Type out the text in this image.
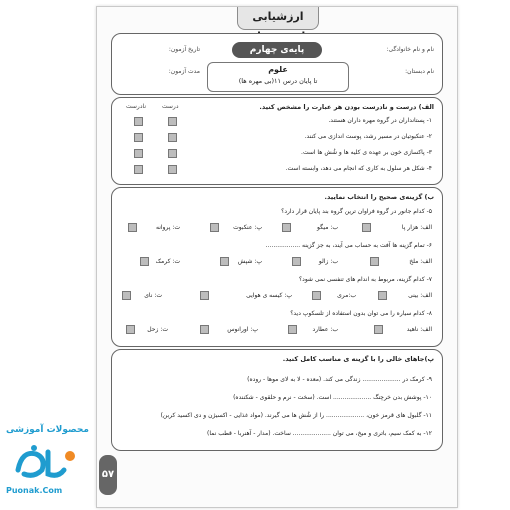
محصولات آموزشی
Puonak.Com
ارزشیابی
پایه‌ی چهارم
علوم
تا پایان درس ۱۱(بی مهره ها)
نام و نام خانوادگی:
نام دبستان:
تاریخ آزمون:
مدت آزمون:
الف) درست و نادرست بودن هر عبارت را مشخص کنید.
درست
نادرست
۱- پستانداران در گروه مهره داران هستند.
۲- عنکبوتیان در مسیر رشد، پوست اندازی می کنند.
۳- پاکسازی خون بر عهده ی کلیه ها و شُش ها است.
۴- شکل هر سلول به کاری که انجام می دهد، وابسته است.
ب) گزینه‌ی صحیح را انتخاب نمایید.
۵- کدام جانور در گروه فراوان ترین گروه بند پایان قرار دارد؟
الف: هزار پا
ب: میگو
پ: عنکبوت
ت: پروانه
۶- تمام گزینه ها آفت به حساب می آیند، به جز گزینه ..................
الف: ملخ
ب: زالو
پ: شپش
ت: کرمک
۷- کدام گزینه، مربوط به اندام های تنفسی نمی شود؟
الف: بینی
ب:مری
پ: کیسه ی هوایی
ت: نای
۸- کدام سیاره را می توان بدون استفاده از تلسکوپ دید؟
الف: ناهید
ب: عطارد
پ: اورانوس
ت: زحل
پ)جاهای خالی را با گزینه ی مناسب کامل کنید.
۹- کرمک در .................... زندگی می کند. (معده - لا به لای موها - روده)
۱۰- پوشش بدن خرچنگ .................... است. (سخت - نرم و حلقوی - شکننده)
۱۱- گلبول های قرمز خون، .................... را از شُش ها می گیرند. (مواد غذایی - اکسیژن و دی اکسید کربن)
۱۲- به کمک سیم، باتری و میخ، می توان .................... ساخت. (مدار - آهنربا - قطب نما)
۵۷
